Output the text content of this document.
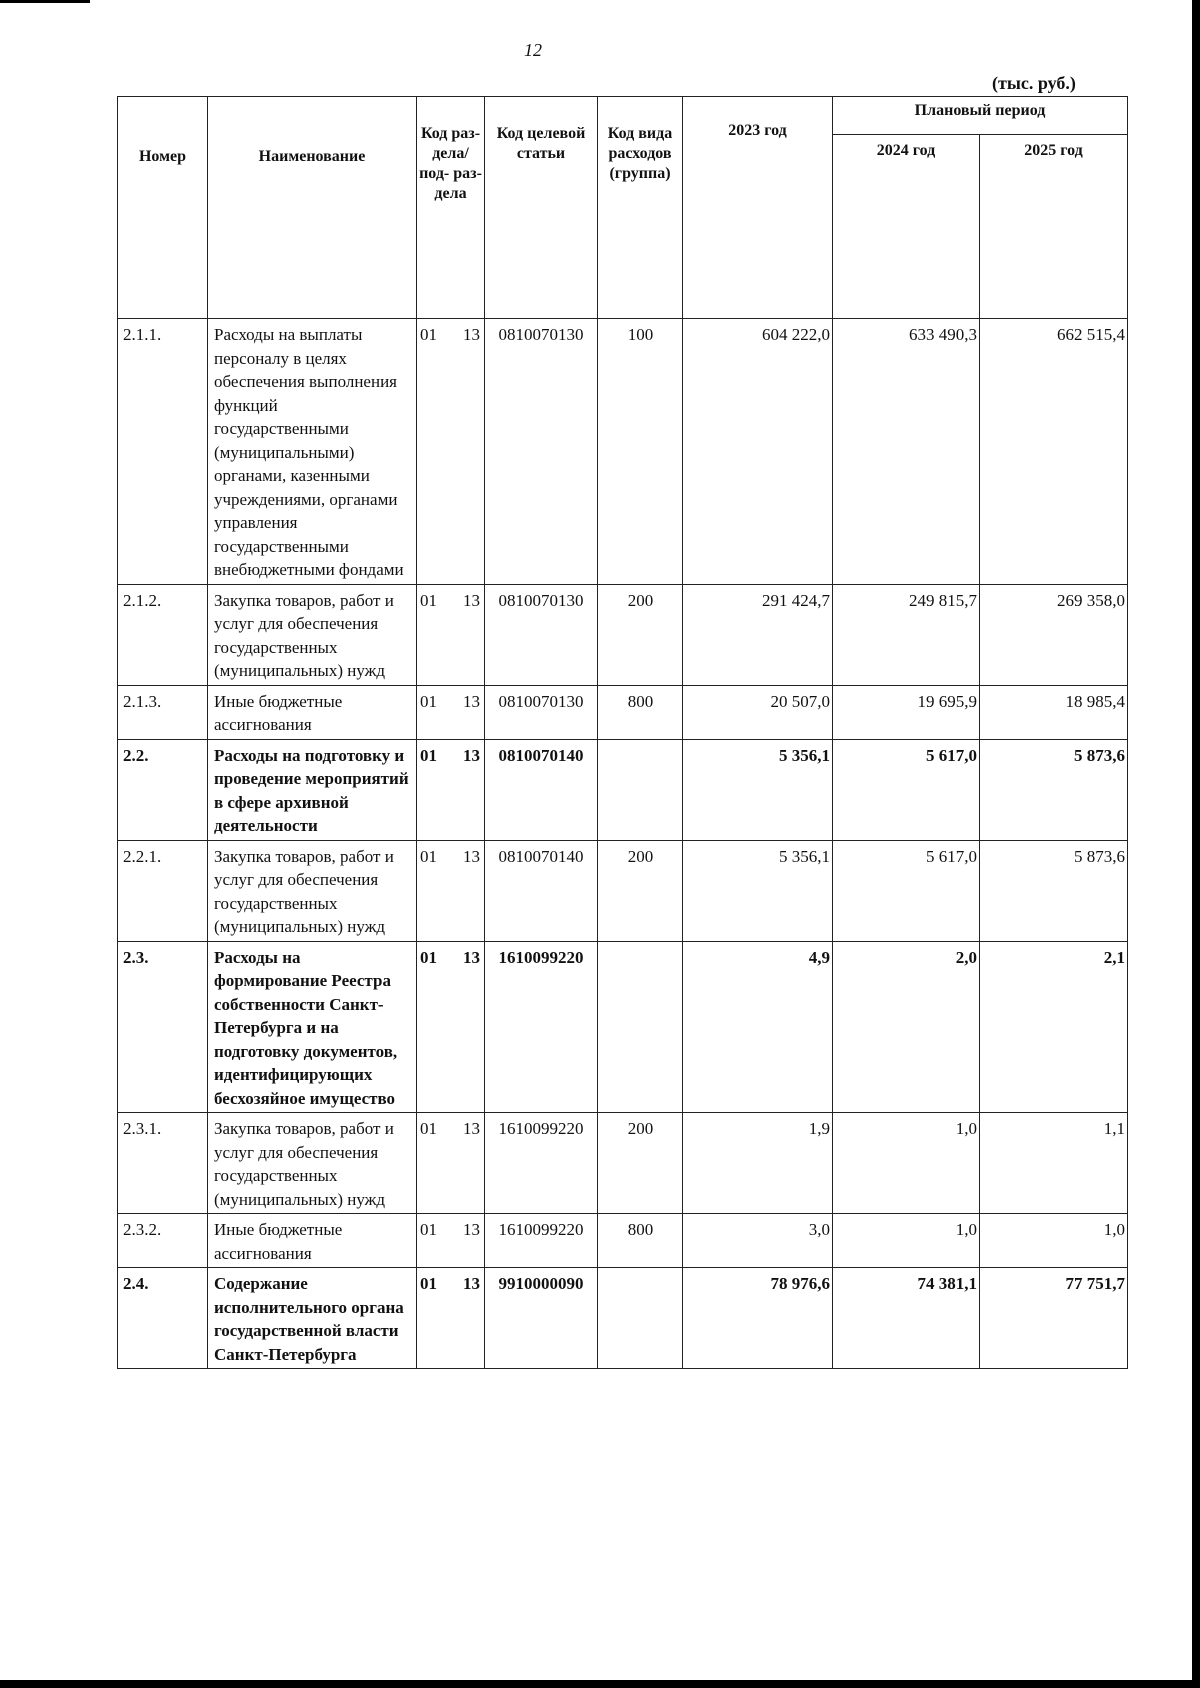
12
(тыс. руб.)
Номер	Наименование	Код раз- дела/ под- раз- дела	Код целевой статьи	Код вида расходов (группа)	2023 год	Плановый период	
						2024 год	2025 год
2.1.1.	Расходы на выплаты персоналу в целях обеспечения выполнения функций государственными (муниципальными) органами, казенными учреждениями, органами управления государственными внебюджетными фондами	01 13	0810070130	100	604 222,0	633 490,3	662 515,4
2.1.2.	Закупка товаров, работ и услуг для обеспечения государственных (муниципальных) нужд	01 13	0810070130	200	291 424,7	249 815,7	269 358,0
2.1.3.	Иные бюджетные ассигнования	01 13	0810070130	800	20 507,0	19 695,9	18 985,4
2.2.	Расходы на подготовку и проведение мероприятий в сфере архивной деятельности	01 13	0810070140		5 356,1	5 617,0	5 873,6
2.2.1.	Закупка товаров, работ и услуг для обеспечения государственных (муниципальных) нужд	01 13	0810070140	200	5 356,1	5 617,0	5 873,6
2.3.	Расходы на формирование Реестра собственности Санкт-Петербурга и на подготовку документов, идентифицирующих бесхозяйное имущество	01 13	1610099220		4,9	2,0	2,1
2.3.1.	Закупка товаров, работ и услуг для обеспечения государственных (муниципальных) нужд	01 13	1610099220	200	1,9	1,0	1,1
2.3.2.	Иные бюджетные ассигнования	01 13	1610099220	800	3,0	1,0	1,0
2.4.	Содержание исполнительного органа государственной власти Санкт-Петербурга	01 13	9910000090		78 976,6	74 381,1	77 751,7
